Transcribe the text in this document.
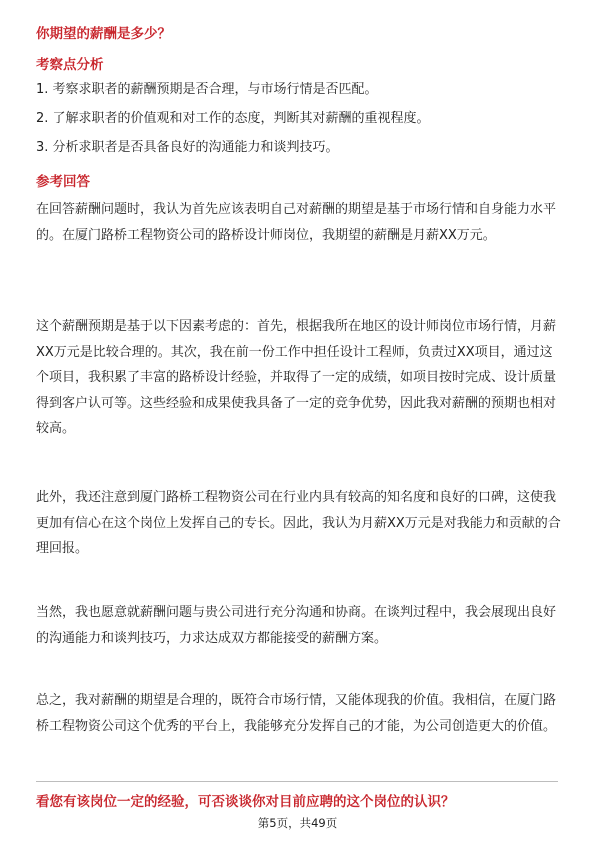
你期望的薪酬是多少？
考察点分析
1. 考察求职者的薪酬预期是否合理，与市场行情是否匹配。
2. 了解求职者的价值观和对工作的态度，判断其对薪酬的重视程度。
3. 分析求职者是否具备良好的沟通能力和谈判技巧。
参考回答
在回答薪酬问题时，我认为首先应该表明自己对薪酬的期望是基于市场行情和自身能力水平的。在厦门路桥工程物资公司的路桥设计师岗位，我期望的薪酬是月薪XX万元。
这个薪酬预期是基于以下因素考虑的：首先，根据我所在地区的设计师岗位市场行情，月薪XX万元是比较合理的。其次，我在前一份工作中担任设计工程师，负责过XX项目，通过这个项目，我积累了丰富的路桥设计经验，并取得了一定的成绩，如项目按时完成、设计质量得到客户认可等。这些经验和成果使我具备了一定的竞争优势，因此我对薪酬的预期也相对较高。
此外，我还注意到厦门路桥工程物资公司在行业内具有较高的知名度和良好的口碑，这使我更加有信心在这个岗位上发挥自己的专长。因此，我认为月薪XX万元是对我能力和贡献的合理回报。
当然，我也愿意就薪酬问题与贵公司进行充分沟通和协商。在谈判过程中，我会展现出良好的沟通能力和谈判技巧，力求达成双方都能接受的薪酬方案。
总之，我对薪酬的期望是合理的，既符合市场行情，又能体现我的价值。我相信，在厦门路桥工程物资公司这个优秀的平台上，我能够充分发挥自己的才能，为公司创造更大的价值。
看您有该岗位一定的经验，可否谈谈你对目前应聘的这个岗位的认识？
第5页，共49页
